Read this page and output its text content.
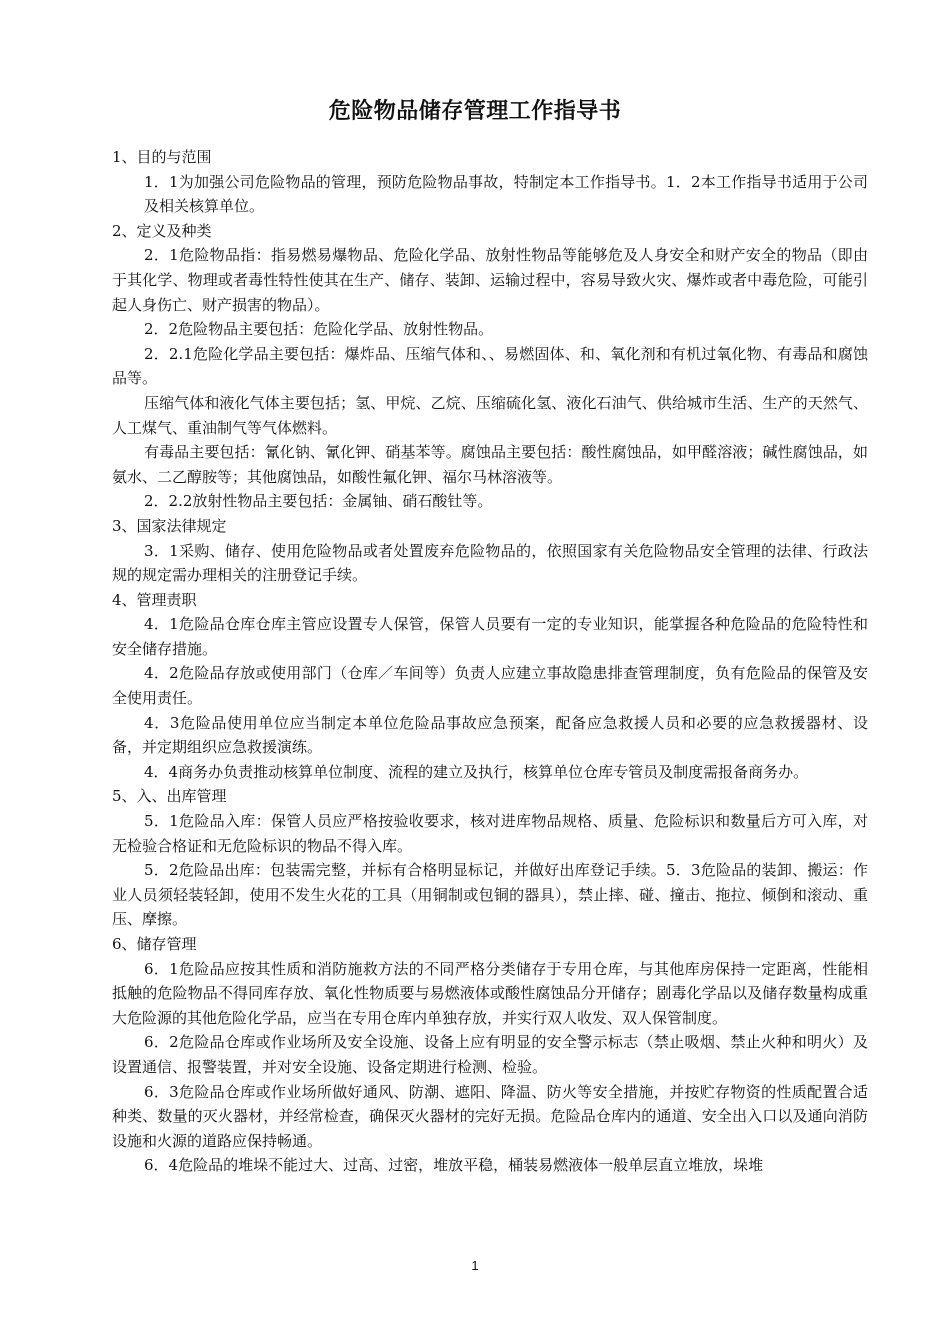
危险物品储存管理工作指导书

1、目的与范围

1．1为加强公司危险物品的管理，预防危险物品事故，特制定本工作指导书。1．2本工作指导书适用于公司及相关核算单位。

2、定义及种类

2．1危险物品指：指易燃易爆物品、危险化学品、放射性物品等能够危及人身安全和财产安全的物品（即由于其化学、物理或者毒性特性使其在生产、储存、装卸、运输过程中，容易导致火灾、爆炸或者中毒危险，可能引起人身伤亡、财产损害的物品）。

2．2危险物品主要包括：危险化学品、放射性物品。

2．2.1危险化学品主要包括：爆炸品、压缩气体和、、易燃固体、和、氧化剂和有机过氧化物、有毒品和腐蚀品等。

压缩气体和液化气体主要包括；氢、甲烷、乙烷、压缩硫化氢、液化石油气、供给城市生活、生产的天然气、人工煤气、重油制气等气体燃料。

有毒品主要包括：氰化钠、氰化钾、硝基苯等。腐蚀品主要包括：酸性腐蚀品，如甲醛溶液；碱性腐蚀品，如氨水、二乙醇胺等；其他腐蚀品，如酸性氟化钾、福尔马林溶液等。

2．2.2放射性物品主要包括：金属铀、硝石酸钍等。

3、国家法律规定

3．1采购、储存、使用危险物品或者处置废弃危险物品的，依照国家有关危险物品安全管理的法律、行政法规的规定需办理相关的注册登记手续。

4、管理责职

4．1危险品仓库仓库主管应设置专人保管，保管人员要有一定的专业知识，能掌握各种危险品的危险特性和安全储存措施。

4．2危险品存放或使用部门（仓库／车间等）负责人应建立事故隐患排查管理制度，负有危险品的保管及安全使用责任。

4．3危险品使用单位应当制定本单位危险品事故应急预案，配备应急救援人员和必要的应急救援器材、设备，并定期组织应急救援演练。

4．4商务办负责推动核算单位制度、流程的建立及执行，核算单位仓库专管员及制度需报备商务办。

5、入、出库管理

5．1危险品入库：保管人员应严格按验收要求，核对进库物品规格、质量、危险标识和数量后方可入库，对无检验合格证和无危险标识的物品不得入库。

5．2危险品出库：包装需完整，并标有合格明显标记，并做好出库登记手续。5．3危险品的装卸、搬运：作业人员须轻装轻卸，使用不发生火花的工具（用铜制或包铜的器具），禁止摔、碰、撞击、拖拉、倾倒和滚动、重压、摩擦。

6、储存管理

6．1危险品应按其性质和消防施救方法的不同严格分类储存于专用仓库，与其他库房保持一定距离，性能相抵触的危险物品不得同库存放、氧化性物质要与易燃液体或酸性腐蚀品分开储存；剧毒化学品以及储存数量构成重大危险源的其他危险化学品，应当在专用仓库内单独存放，并实行双人收发、双人保管制度。

6．2危险品仓库或作业场所及安全设施、设备上应有明显的安全警示标志（禁止吸烟、禁止火种和明火）及设置通信、报警装置，并对安全设施、设备定期进行检测、检验。

6．3危险品仓库或作业场所做好通风、防潮、遮阳、降温、防火等安全措施，并按贮存物资的性质配置合适种类、数量的灭火器材，并经常检查，确保灭火器材的完好无损。危险品仓库内的通道、安全出入口以及通向消防设施和火源的道路应保持畅通。

6．4危险品的堆垛不能过大、过高、过密，堆放平稳，桶装易燃液体一般单层直立堆放，垛堆

1
